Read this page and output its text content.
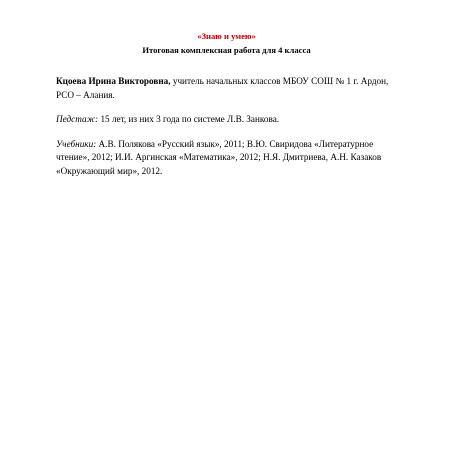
«Знаю и умею»

Итоговая комплексная работа для 4 класса

Кцоева Ирина Викторовна, учитель начальных классов МБОУ СОШ № 1 г. Ардон, РСО – Алания.

Педстаж: 15 лет, из них 3 года по системе Л.В. Занкова.

Учебники: А.В. Полякова «Русский язык», 2011; В.Ю. Свиридова «Литературное чтение», 2012; И.И. Аргинская «Математика», 2012; Н.Я. Дмитриева, А.Н. Казаков «Окружающий мир», 2012.
